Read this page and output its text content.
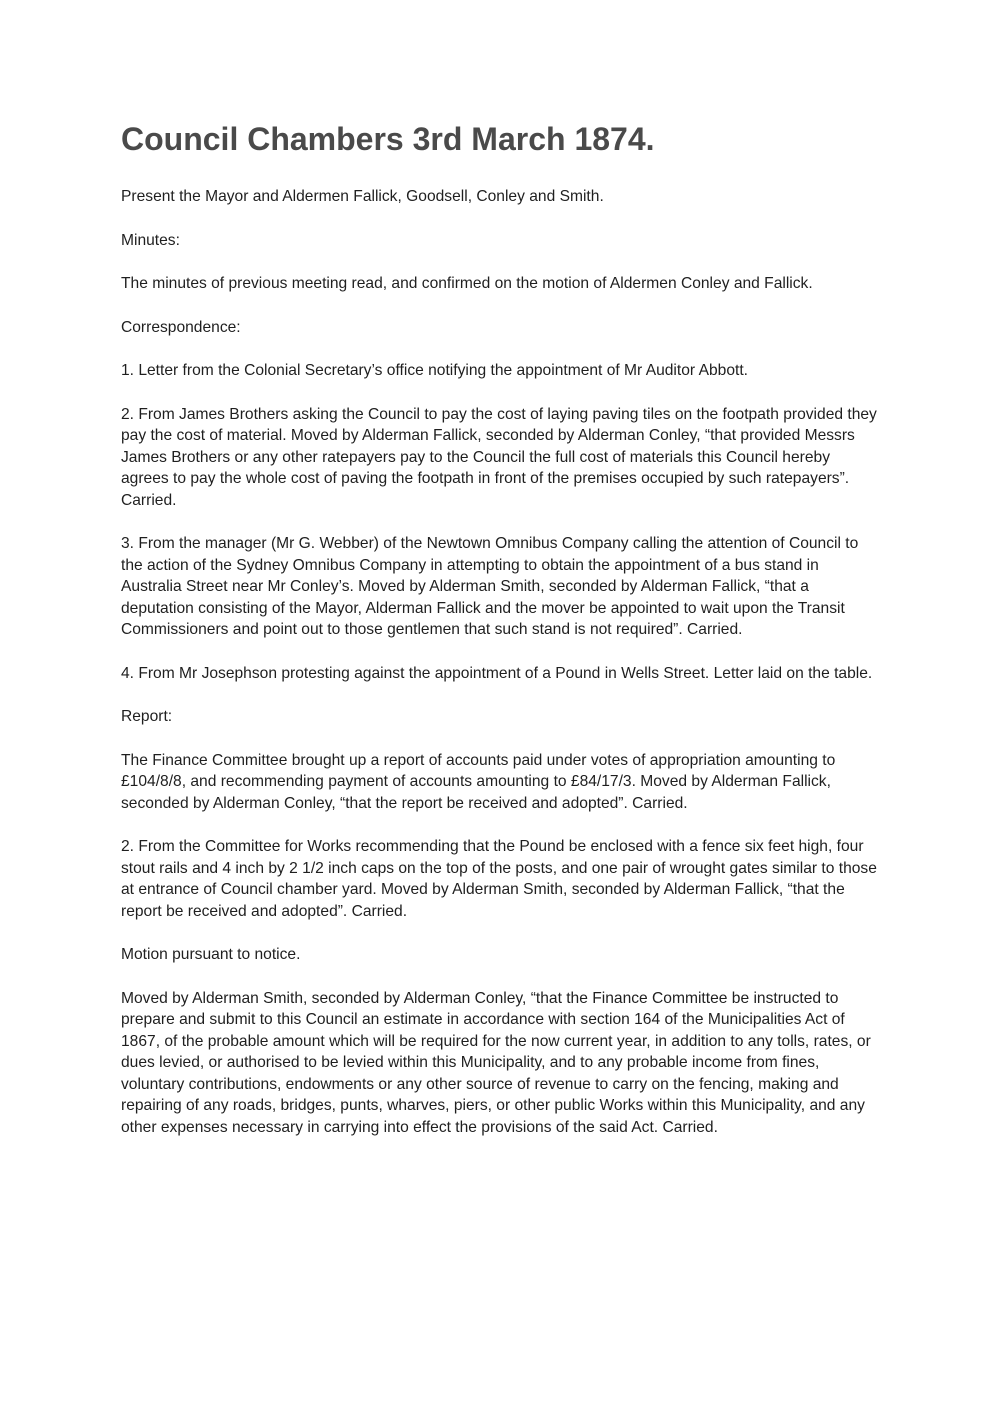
Council Chambers 3rd March 1874.

Present the Mayor and Aldermen Fallick, Goodsell, Conley and Smith.

Minutes:

The minutes of previous meeting read, and confirmed on the motion of Aldermen Conley and Fallick.

Correspondence:

1. Letter from the Colonial Secretary’s office notifying the appointment of Mr Auditor Abbott.

2. From James Brothers asking the Council to pay the cost of laying paving tiles on the footpath provided they pay the cost of material. Moved by Alderman Fallick, seconded by Alderman Conley, “that provided Messrs James Brothers or any other ratepayers pay to the Council the full cost of materials this Council hereby agrees to pay the whole cost of paving the footpath in front of the premises occupied by such ratepayers”. Carried.

3. From the manager (Mr G. Webber) of the Newtown Omnibus Company calling the attention of Council to the action of the Sydney Omnibus Company in attempting to obtain the appointment of a bus stand in Australia Street near Mr Conley’s. Moved by Alderman Smith, seconded by Alderman Fallick, “that a deputation consisting of the Mayor, Alderman Fallick and the mover be appointed to wait upon the Transit Commissioners and point out to those gentlemen that such stand is not required”. Carried.

4. From Mr Josephson protesting against the appointment of a Pound in Wells Street. Letter laid on the table.

Report:

The Finance Committee brought up a report of accounts paid under votes of appropriation amounting to £104/8/8, and recommending payment of accounts amounting to £84/17/3. Moved by Alderman Fallick, seconded by Alderman Conley, “that the report be received and adopted”. Carried.

2. From the Committee for Works recommending that the Pound be enclosed with a fence six feet high, four stout rails and 4 inch by 2 1/2 inch caps on the top of the posts, and one pair of wrought gates similar to those at entrance of Council chamber yard. Moved by Alderman Smith, seconded by Alderman Fallick, “that the report be received and adopted”. Carried.

Motion pursuant to notice.

Moved by Alderman Smith, seconded by Alderman Conley, “that the Finance Committee be instructed to prepare and submit to this Council an estimate in accordance with section 164 of the Municipalities Act of 1867, of the probable amount which will be required for the now current year, in addition to any tolls, rates, or dues levied, or authorised to be levied within this Municipality, and to any probable income from fines, voluntary contributions, endowments or any other source of revenue to carry on the fencing, making and repairing of any roads, bridges, punts, wharves, piers, or other public Works within this Municipality, and any other expenses necessary in carrying into effect the provisions of the said Act. Carried.
